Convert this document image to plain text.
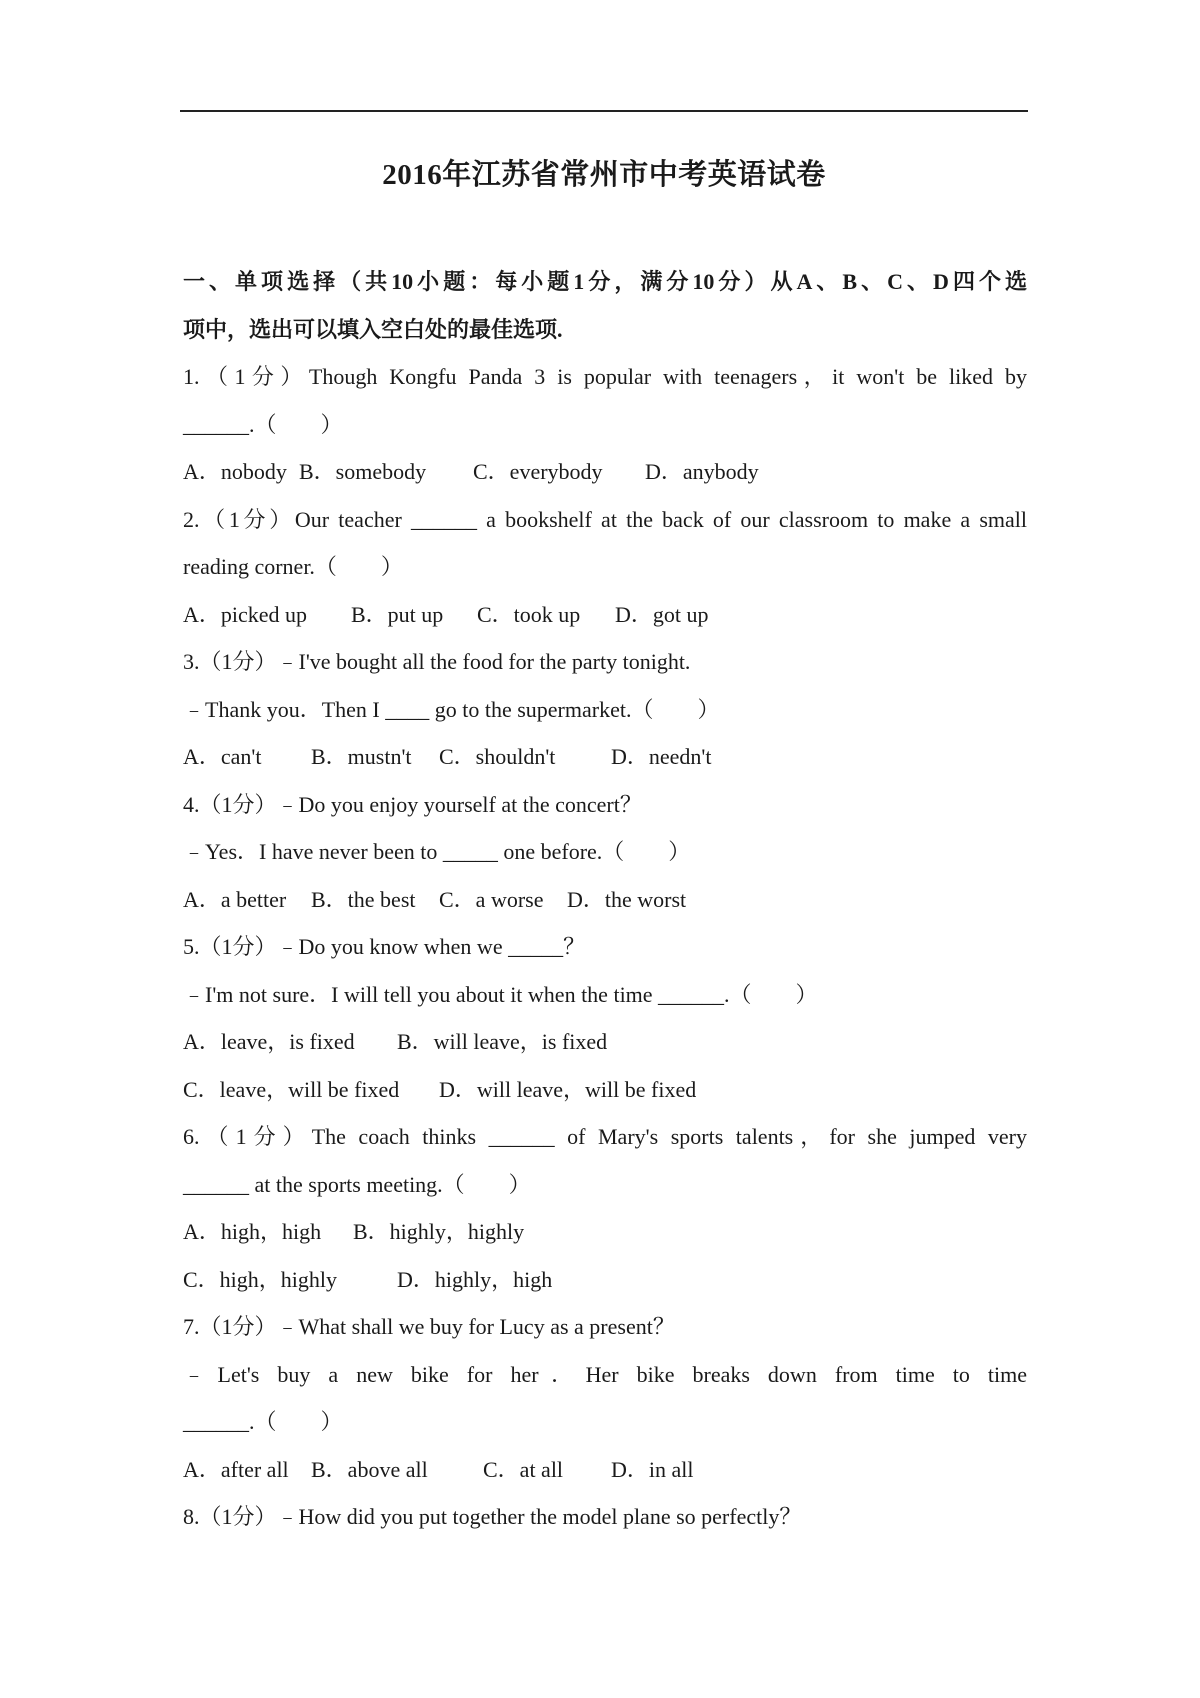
2016年江苏省常州市中考英语试卷
一、单项选择（共10小题：每小题1分，满分10分）从A、B、C、D四个选
项中，选出可以填入空白处的最佳选项.
1.（1分）Though Kongfu Panda 3 is popular with teenagers，it won't be liked by
______.（　　）
A．nobody B．somebody C．everybody D．anybody
2.（1分）Our teacher ______ a bookshelf at the back of our classroom to make a small
reading corner.（　　）
A．picked up B．put up C．took up D．got up
3.（1分）﹣I've bought all the food for the party tonight.
﹣Thank you．Then I ____ go to the supermarket.（　　）
A．can't B．mustn't C．shouldn't	D．needn't
4.（1分）﹣Do you enjoy yourself at the concert？
﹣Yes．I have never been to _____ one before.（　　）
A．a better B．the best C．a worse D．the worst
5.（1分）﹣Do you know when we _____？
﹣I'm not sure．I will tell you about it when the time ______.（　　）
A．leave，is fixed B．will leave，is fixed
C．leave，will be fixed D．will leave，will be fixed
6.（1分）The coach thinks ______ of Mary's sports talents，for she jumped very
______ at the sports meeting.（　　）
A．high，high B．highly，highly
C．high，highly	D．highly，high
7.（1分）﹣What shall we buy for Lucy as a present？
﹣Let's buy a new bike for her．Her bike breaks down from time to time
______.（　　）
A．after all B．above all	C．at all D．in all
8.（1分）﹣How did you put together the model plane so perfectly？
